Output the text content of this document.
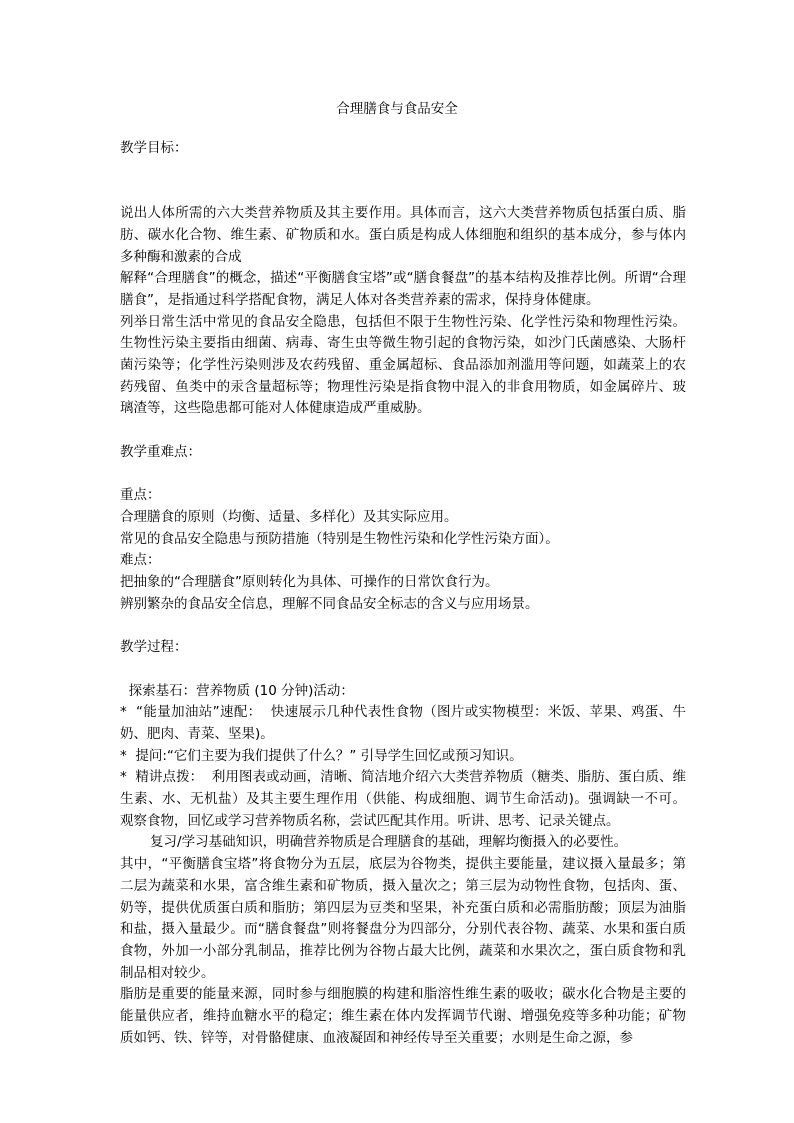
合理膳食与食品安全

教学目标：

说出人体所需的六大类营养物质及其主要作用。具体而言，这六大类营养物质包括蛋白质、脂肪、碳水化合物、维生素、矿物质和水。蛋白质是构成人体细胞和组织的基本成分，参与体内多种酶和激素的合成

解释“合理膳食”的概念，描述“平衡膳食宝塔”或“膳食餐盘”的基本结构及推荐比例。所谓“合理膳食”，是指通过科学搭配食物，满足人体对各类营养素的需求，保持身体健康。

列举日常生活中常见的食品安全隐患，包括但不限于生物性污染、化学性污染和物理性污染。生物性污染主要指由细菌、病毒、寄生虫等微生物引起的食物污染，如沙门氏菌感染、大肠杆菌污染等；化学性污染则涉及农药残留、重金属超标、食品添加剂滥用等问题，如蔬菜上的农药残留、鱼类中的汞含量超标等；物理性污染是指食物中混入的非食用物质，如金属碎片、玻璃渣等，这些隐患都可能对人体健康造成严重威胁。

教学重难点：

重点：

合理膳食的原则（均衡、适量、多样化）及其实际应用。

常见的食品安全隐患与预防措施（特别是生物性污染和化学性污染方面）。

难点：

把抽象的“合理膳食”原则转化为具体、可操作的日常饮食行为。

辨别繁杂的食品安全信息，理解不同食品安全标志的含义与应用场景。

教学过程：

探索基石：营养物质 (10 分钟)活动：

*  “能量加油站”速配：  快速展示几种代表性食物（图片或实物模型：米饭、苹果、鸡蛋、牛奶、肥肉、青菜、坚果)。

*  提问:“它们主要为我们提供了什么？” 引导学生回忆或预习知识。

*  精讲点拨：  利用图表或动画，清晰、简洁地介绍六大类营养物质（糖类、脂肪、蛋白质、维生素、水、无机盐）及其主要生理作用（供能、构成细胞、调节生命活动)。强调缺一不可。      观察食物，回忆或学习营养物质名称，尝试匹配其作用。听讲、思考、记录关键点。

复习/学习基础知识，明确营养物质是合理膳食的基础，理解均衡摄入的必要性。

其中，“平衡膳食宝塔”将食物分为五层，底层为谷物类，提供主要能量，建议摄入量最多；第二层为蔬菜和水果，富含维生素和矿物质，摄入量次之；第三层为动物性食物，包括肉、蛋、奶等，提供优质蛋白质和脂肪；第四层为豆类和坚果，补充蛋白质和必需脂肪酸；顶层为油脂和盐，摄入量最少。而“膳食餐盘”则将餐盘分为四部分，分别代表谷物、蔬菜、水果和蛋白质食物，外加一小部分乳制品，推荐比例为谷物占最大比例，蔬菜和水果次之，蛋白质食物和乳制品相对较少。

脂肪是重要的能量来源，同时参与细胞膜的构建和脂溶性维生素的吸收；碳水化合物是主要的能量供应者，维持血糖水平的稳定；维生素在体内发挥调节代谢、增强免疫等多种功能；矿物质如钙、铁、锌等，对骨骼健康、血液凝固和神经传导至关重要；水则是生命之源，参
